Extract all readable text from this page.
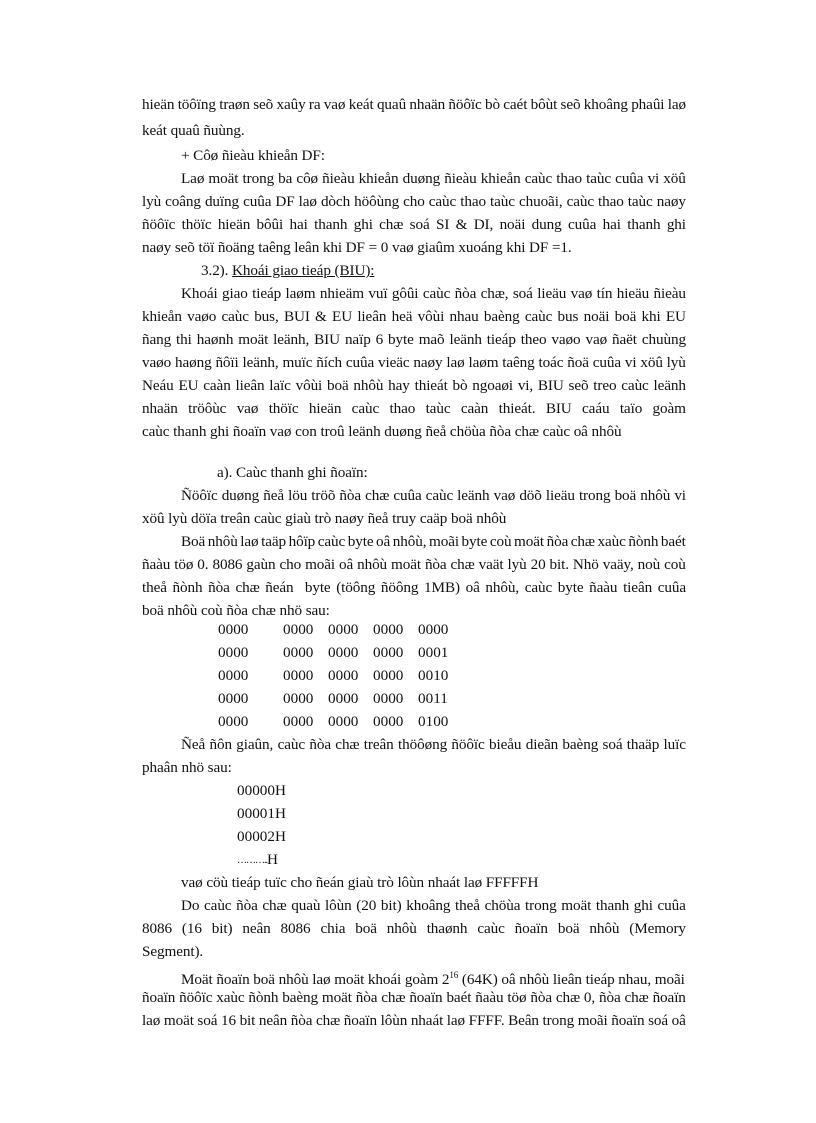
hieän töôïng traøn seõ xaûy ra vaø keát quaû nhaän ñöôïc bò caét bôùt seõ khoâng phaûi laø
keát quaû ñuùng.
+ Côø ñieàu khieån DF:
Laø moät trong ba côø ñieàu khieån duøng ñieàu khieån caùc thao taùc cuûa vi xöû
lyù coâng duïng cuûa DF laø dòch höôùng cho caùc thao taùc chuoãi, caùc thao taùc naøy
ñöôïc thöïc hieän bôûi hai thanh ghi chæ soá SI & DI, noäi dung cuûa hai thanh ghi
naøy seõ töï ñoäng taêng leân khi DF = 0 vaø giaûm xuoáng khi DF =1.
3.2). Khoái giao tieáp (BIU):
Khoái giao tieáp laøm nhieäm vuï gôûi caùc ñòa chæ, soá lieäu vaø tín hieäu ñieàu
khieån vaøo caùc bus, BUI & EU lieân heä vôùi nhau baèng caùc bus noäi boä khi EU
ñang thi haønh moät leänh, BIU naïp 6 byte maõ leänh tieáp theo vaøo vaø ñaët chuùng
vaøo haøng ñôïi leänh, muïc ñích cuûa vieäc naøy laø laøm taêng toác ñoä cuûa vi xöû lyù
Neáu EU caàn lieân laïc vôùi boä nhôù hay thieát bò ngoaøi vi, BIU seõ treo caùc leänh
nhaän tröôùc vaø thöïc hieän caùc thao taùc caàn thieát. BIU caáu taïo goàm
caùc thanh ghi ñoaïn vaø con troû leänh duøng ñeå chöùa ñòa chæ caùc oâ nhôù
a). Caùc thanh ghi ñoaïn:
Ñöôïc duøng ñeå löu tröõ ñòa chæ cuûa caùc leänh vaø döõ lieäu trong boä nhôù vi
xöû lyù döïa treân caùc giaù trò naøy ñeå truy caäp boä nhôù
Boä nhôù laø taäp hôïp caùc byte oâ nhôù, moãi byte coù moät ñòa chæ xaùc ñònh baét
ñaàu töø 0. 8086 gaùn cho moãi oâ nhôù moät ñòa chæ vaät lyù 20 bit. Nhö vaäy, noù coù
theå ñònh ñòa chæ ñeán byte (töông ñöông 1MB) oâ nhôù, caùc byte ñaàu tieân cuûa
boä nhôù coù ñòa chæ nhö sau:
0000 0000 0000 0000 0000
0000 0000 0000 0000 0001
0000 0000 0000 0000 0010
0000 0000 0000 0000 0011
0000 0000 0000 0000 0100
Ñeå ñôn giaûn, caùc ñòa chæ treân thöôøng ñöôïc bieåu dieãn baèng soá thaäp luïc
phaân nhö sau:
00000H
00001H
00002H
………..H
vaø cöù tieáp tuïc cho ñeán giaù trò lôùn nhaát laø FFFFFH
Do caùc ñòa chæ quaù lôùn (20 bit) khoâng theå chöùa trong moät thanh ghi cuûa
8086 (16 bit) neân 8086 chia boä nhôù thaønh caùc ñoaïn boä nhôù (Memory
Segment).
Moät ñoaïn boä nhôù laø moät khoái goàm $2^{16}$ (64K) oâ nhôù lieân tieáp nhau, moãi
ñoaïn ñöôïc xaùc ñònh baèng moät ñòa chæ ñoaïn baét ñaàu töø ñòa chæ 0, ñòa chæ ñoaïn
laø moät soá 16 bit neân ñòa chæ ñoaïn lôùn nhaát laø FFFF. Beân trong moãi ñoaïn soá oâ
